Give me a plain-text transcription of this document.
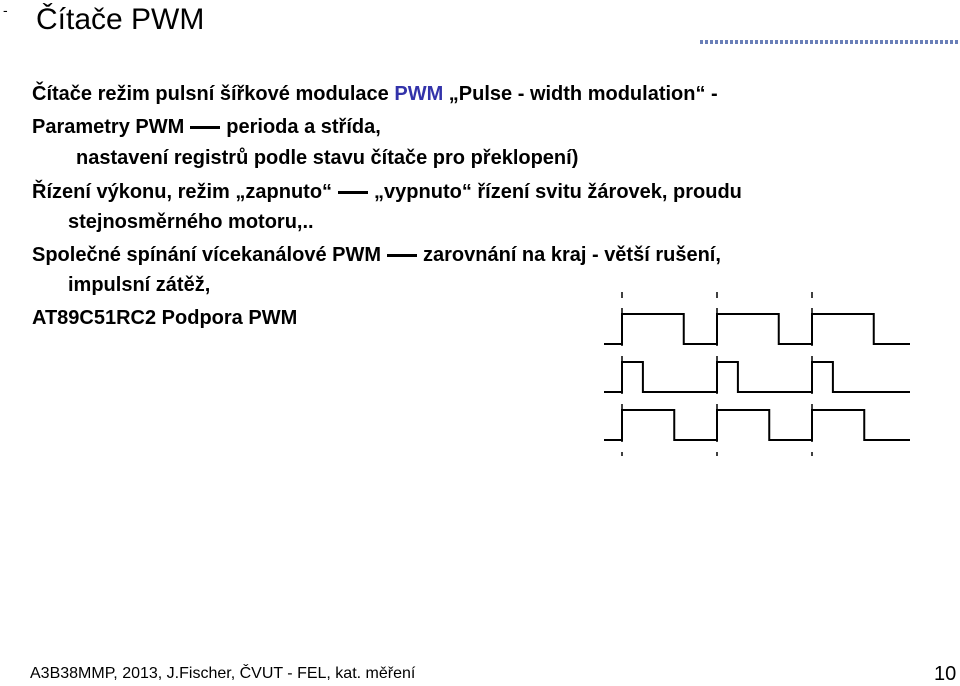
- Čítače PWM
Čítače režim pulsní šířkové modulace PWM „Pulse - width modulation“ -
Parametry PWM perioda a střída,
nastavení registrů podle stavu čítače pro překlopení)
Řízení výkonu, režim „zapnuto“ „vypnuto“ řízení svitu žárovek, proudu
stejnosměrného motoru,..
Společné spínání vícekanálové PWM zarovnání na kraj - větší rušení,
impulsní zátěž,
AT89C51RC2 Podpora PWM
A3B38MMP, 2013, J.Fischer, ČVUT - FEL, kat. měření	10
